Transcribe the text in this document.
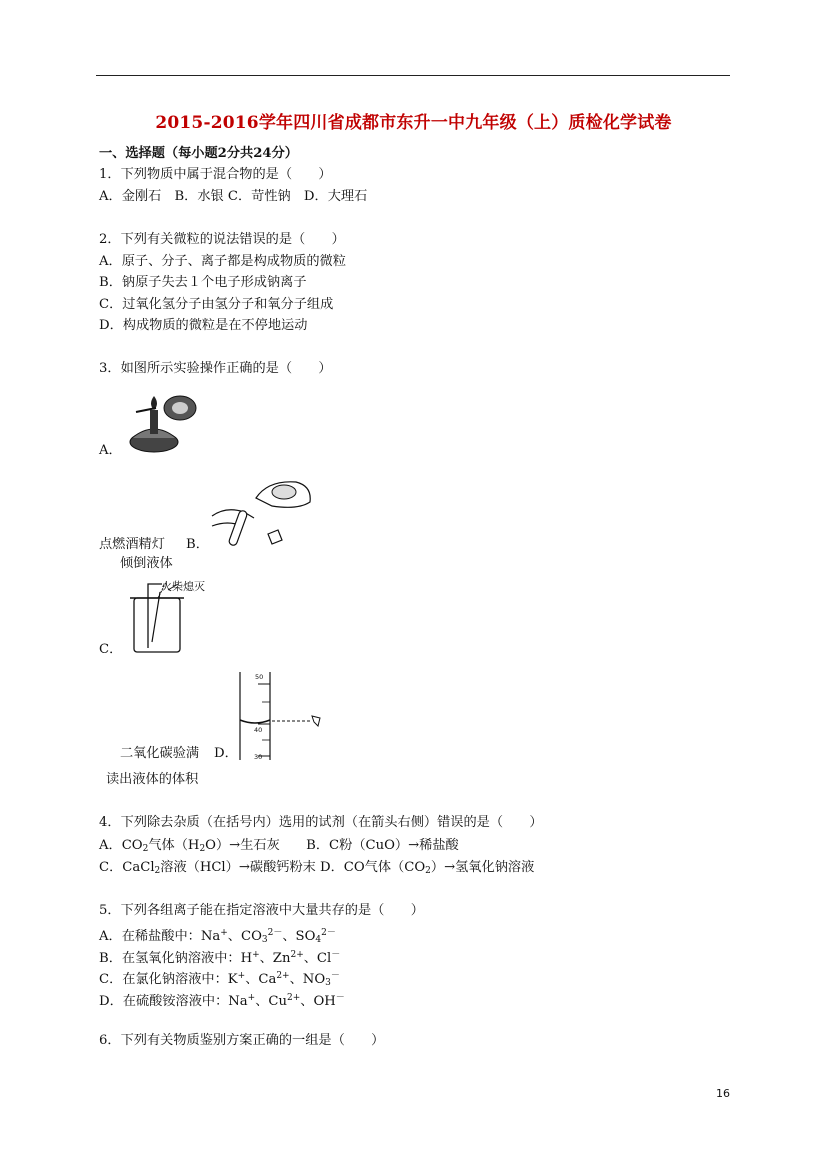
2015-2016学年四川省成都市东升一中九年级（上）质检化学试卷
一、选择题（每小题2分共24分）
1．下列物质中属于混合物的是（　　）
A．金刚石　B．水银 C．苛性钠　D．大理石
2．下列有关微粒的说法错误的是（　　）
A．原子、分子、离子都是构成物质的微粒
B．钠原子失去１个电子形成钠离子
C．过氧化氢分子由氢分子和氧分子组成
D．构成物质的微粒是在不停地运动
3．如图所示实验操作正确的是（　　）
A．
点燃酒精灯 B．
倾倒液体
火柴熄灭
C．
50
40
30
二氧化碳验满 D．
读出液体的体积
4．下列除去杂质（在括号内）选用的试剂（在箭头右侧）错误的是（　　）
A．$CO_2$气体$(H_2O)\to$生石灰　　B．C粉（CuO）→稀盐酸
C．CaCl$_2$溶液（HCl）→碳酸钙粉末 D．CO气体$(CO_2)\to$氢氧化钠溶液
5．下列各组离子能在指定溶液中大量共存的是（　　）
A．在稀盐酸中：Na+、$CO_3^{2-}$、$SO_4^{2-}$
B．在氢氧化钠溶液中：H+、$Zn^{2+}$、Cl－
C．在氯化钠溶液中：K+、$Ca^{2+}$、$NO_3^-$
D．在硫酸铵溶液中：Na+、$Cu^{2+}$、OH－
6．下列有关物质鉴别方案正确的一组是（　　）
16
